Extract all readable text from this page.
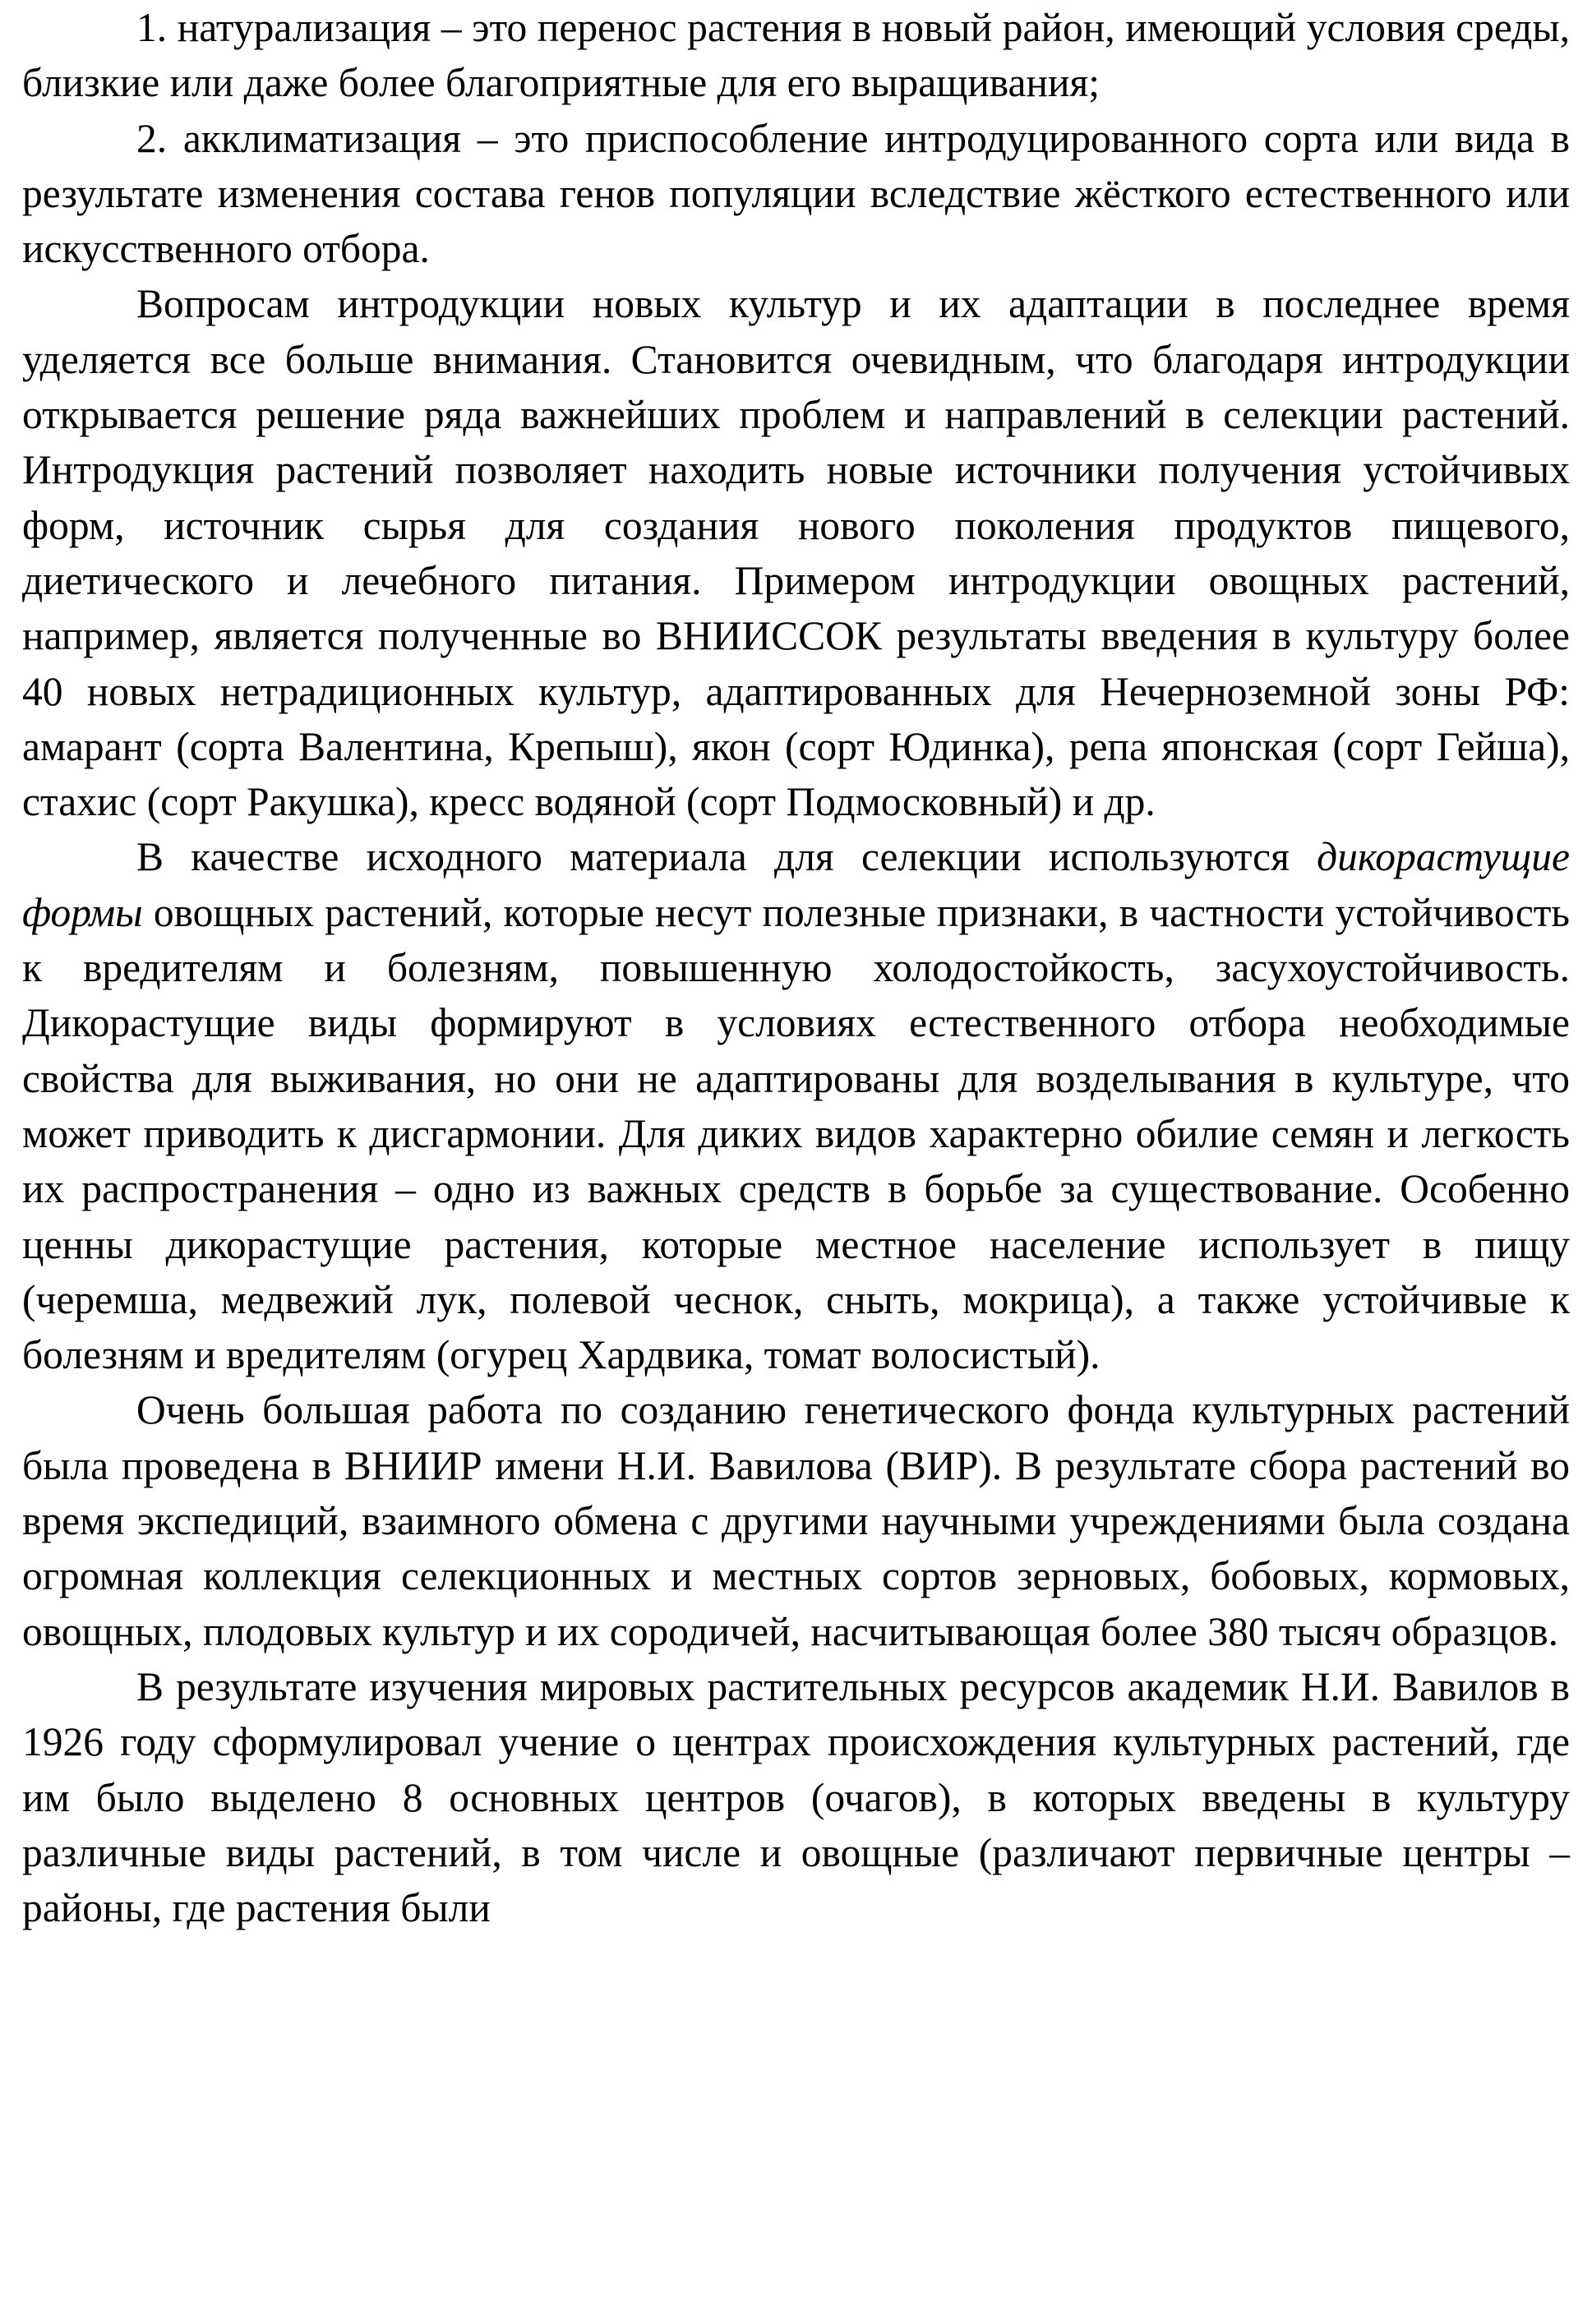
1. натурализация – это перенос растения в новый район, имеющий условия среды, близкие или даже более благоприятные для его выращивания;

2. акклиматизация – это приспособление интродуцированного сорта или вида в результате изменения состава генов популяции вследствие жёсткого естественного или искусственного отбора.

Вопросам интродукции новых культур и их адаптации в последнее время уделяется все больше внимания. Становится очевидным, что благодаря интродукции открывается решение ряда важнейших проблем и направлений в селекции растений. Интродукция растений позволяет находить новые источники получения устойчивых форм, источник сырья для создания нового поколения продуктов пищевого, диетического и лечебного питания. Примером интродукции овощных растений, например, является полученные во ВНИИССОК результаты введения в культуру более 40 новых нетрадиционных культур, адаптированных для Нечерноземной зоны РФ: амарант (сорта Валентина, Крепыш), якон (сорт Юдинка), репа японская (сорт Гейша), стахис (сорт Ракушка), кресс водяной (сорт Подмосковный) и др.

В качестве исходного материала для селекции используются дикорастущие формы овощных растений, которые несут полезные признаки, в частности устойчивость к вредителям и болезням, повышенную холодостойкость, засухоустойчивость. Дикорастущие виды формируют в условиях естественного отбора необходимые свойства для выживания, но они не адаптированы для возделывания в культуре, что может приводить к дисгармонии. Для диких видов характерно обилие семян и легкость их распространения – одно из важных средств в борьбе за существование. Особенно ценны дикорастущие растения, которые местное население использует в пищу (черемша, медвежий лук, полевой чеснок, сныть, мокрица), а также устойчивые к болезням и вредителям (огурец Хардвика, томат волосистый).

Очень большая работа по созданию генетического фонда культурных растений была проведена в ВНИИР имени Н.И. Вавилова (ВИР). В результате сбора растений во время экспедиций, взаимного обмена с другими научными учреждениями была создана огромная коллекция селекционных и местных сортов зерновых, бобовых, кормовых, овощных, плодовых культур и их сородичей, насчитывающая более 380 тысяч образцов.

В результате изучения мировых растительных ресурсов академик Н.И. Вавилов в 1926 году сформулировал учение о центрах происхождения культурных растений, где им было выделено 8 основных центров (очагов), в которых введены в культуру различные виды растений, в том числе и овощные (различают первичные центры – районы, где растения были
